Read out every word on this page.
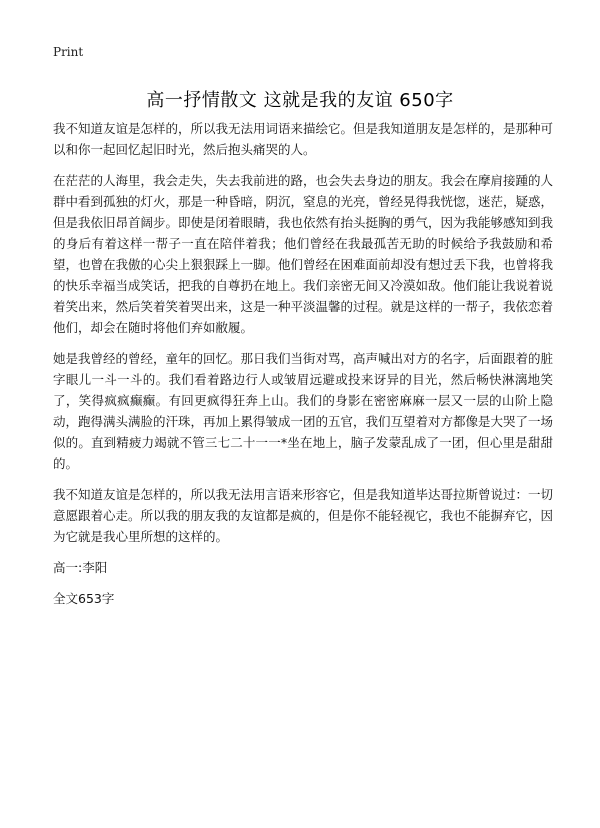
Print
高一抒情散文 这就是我的友谊 650字

我不知道友谊是怎样的，所以我无法用词语来描绘它。但是我知道朋友是怎样的，是那种可以和你一起回忆起旧时光，然后抱头痛哭的人。

在茫茫的人海里，我会走失，失去我前进的路，也会失去身边的朋友。我会在摩肩接踵的人群中看到孤独的灯火，那是一种昏暗，阴沉，窒息的光亮，曾经晃得我恍惚，迷茫，疑惑，但是我依旧昂首阔步。即使是闭着眼睛，我也依然有抬头挺胸的勇气，因为我能够感知到我的身后有着这样一帮子一直在陪伴着我；他们曾经在我最孤苦无助的时候给予我鼓励和希望，也曾在我傲的心尖上狠狠踩上一脚。他们曾经在困难面前却没有想过丢下我，也曾将我的快乐幸福当成笑话，把我的自尊扔在地上。我们亲密无间又冷漠如敌。他们能让我说着说着笑出来，然后笑着笑着哭出来，这是一种平淡温馨的过程。就是这样的一帮子，我依恋着他们，却会在随时将他们弃如敝履。

她是我曾经的曾经，童年的回忆。那日我们当街对骂，高声喊出对方的名字，后面跟着的脏字眼儿一斗一斗的。我们看着路边行人或皱眉远避或投来讶异的目光，然后畅快淋漓地笑了，笑得疯疯癫癫。有回更疯得狂奔上山。我们的身影在密密麻麻一层又一层的山阶上隐动，跑得满头满脸的汗珠，再加上累得皱成一团的五官，我们互望着对方都像是大哭了一场似的。直到精疲力竭就不管三七二十一一*坐在地上，脑子发蒙乱成了一团，但心里是甜甜的。

我不知道友谊是怎样的，所以我无法用言语来形容它，但是我知道毕达哥拉斯曾说过：一切意愿跟着心走。所以我的朋友我的友谊都是疯的，但是你不能轻视它，我也不能摒弃它，因为它就是我心里所想的这样的。

高一:李阳

全文653字
